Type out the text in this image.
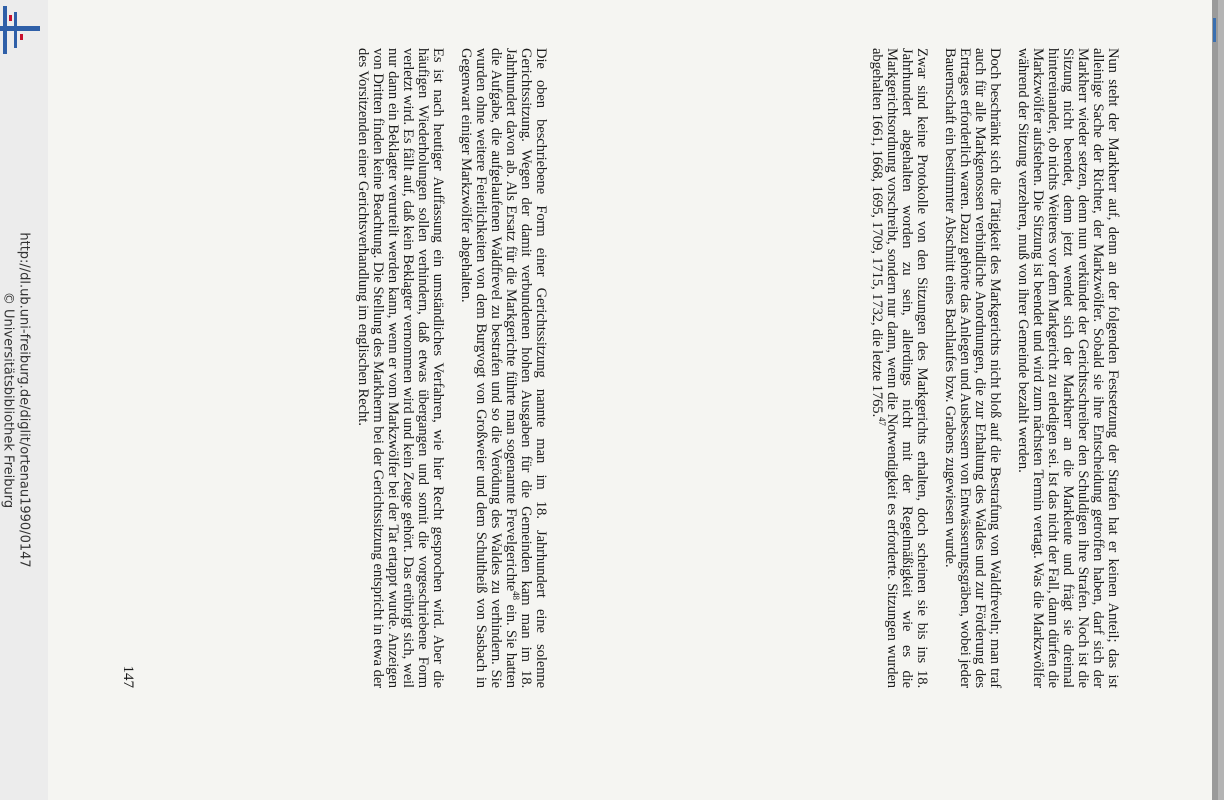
http://dl.ub.uni-freiburg.de/diglit/ortenau1990/0147
© Universitätsbibliothek Freiburg	Nun steht der Markherr auf, denn an der folgenden Festsetzung der Strafen hat er keinen Anteil; das ist alleinige Sache der Richter, der Markzwölfer. Sobald sie ihre Entscheidung getroffen haben, darf sich der Markherr wieder setzen, denn nun verkündet der Gerichtsschreiber den Schuldigen ihre Strafen. Noch ist die Sitzung nicht beendet, denn jetzt wendet sich der Markherr an die Markleute und frägt sie dreimal hintereinander, ob nichts Weiteres vor dem Markgericht zu erledigen sei. Ist das nicht der Fall, dann dürfen die Markzwölfer aufstehen. Die Sitzung ist beendet und wird zum nächsten Termin vertagt. Was die Markzwölfer während der Sitzung verzehren, muß von ihrer Gemeinde bezahlt werden.

Doch beschränkt sich die Tätigkeit des Markgerichts nicht bloß auf die Bestrafung von Waldfreveln; man traf auch für alle Markgenossen verbindliche Anordnungen, die zur Erhaltung des Waldes und zur Förderung des Ertrages erforderlich waren. Dazu gehörte das Anlegen und Ausbessern von Entwässerungsgräben, wobei jeder Bauernschaft ein bestimmter Abschnitt eines Bachlaufes bzw. Grabens zugewiesen wurde.

Zwar sind keine Protokolle von den Sitzungen des Markgerichts erhalten, doch scheinen sie bis ins 18. Jahrhundert abgehalten worden zu sein, allerdings nicht mit der Regelmäßigkeit wie es die Markgerichtsordnung vorschreibt, sondern nur dann, wenn die Notwendigkeit es erforderte. Sitzungen wurden abgehalten 1661, 1668, 1695, 1709, 1715, 1732, die letzte 1765.47

Die oben beschriebene Form einer Gerichtssitzung nannte man im 18. Jahrhundert eine solenne Gerichtssitzung. Wegen der damit verbundenen hohen Ausgaben für die Gemeinden kam man im 18. Jahrhundert davon ab. Als Ersatz für die Markgerichte führte man sogenannte Frevelgerichte$^{48}$ ein. Sie hatten die Aufgabe, die aufgelaufenen Waldfrevel zu bestrafen und so die Verödung des Waldes zu verhindern. Sie wurden ohne weitere Feierlichkeiten von dem Burgvogt von Großweier und dem Schultheiß von Sasbach in Gegenwart einiger Markzwölfer abgehalten.

Es ist nach heutiger Auffassung ein umständliches Verfahren, wie hier Recht gesprochen wird. Aber die häufigen Wiederholungen sollen verhindern, daß etwas übergangen und somit die vorgeschriebene Form verletzt wird. Es fällt auf, daß kein Beklagter vernommen wird und kein Zeuge gehört. Das erübrigt sich, weil nur dann ein Beklagter verurteilt werden kann, wenn er vom Markzwölfer bei der Tat ertappt wurde. Anzeigen von Dritten finden keine Beachtung. Die Stellung des Markherrn bei der Gerichtssitzung entspricht in etwa der des Vorsitzenden einer Gerichtsverhandlung im englischen Recht.

147
